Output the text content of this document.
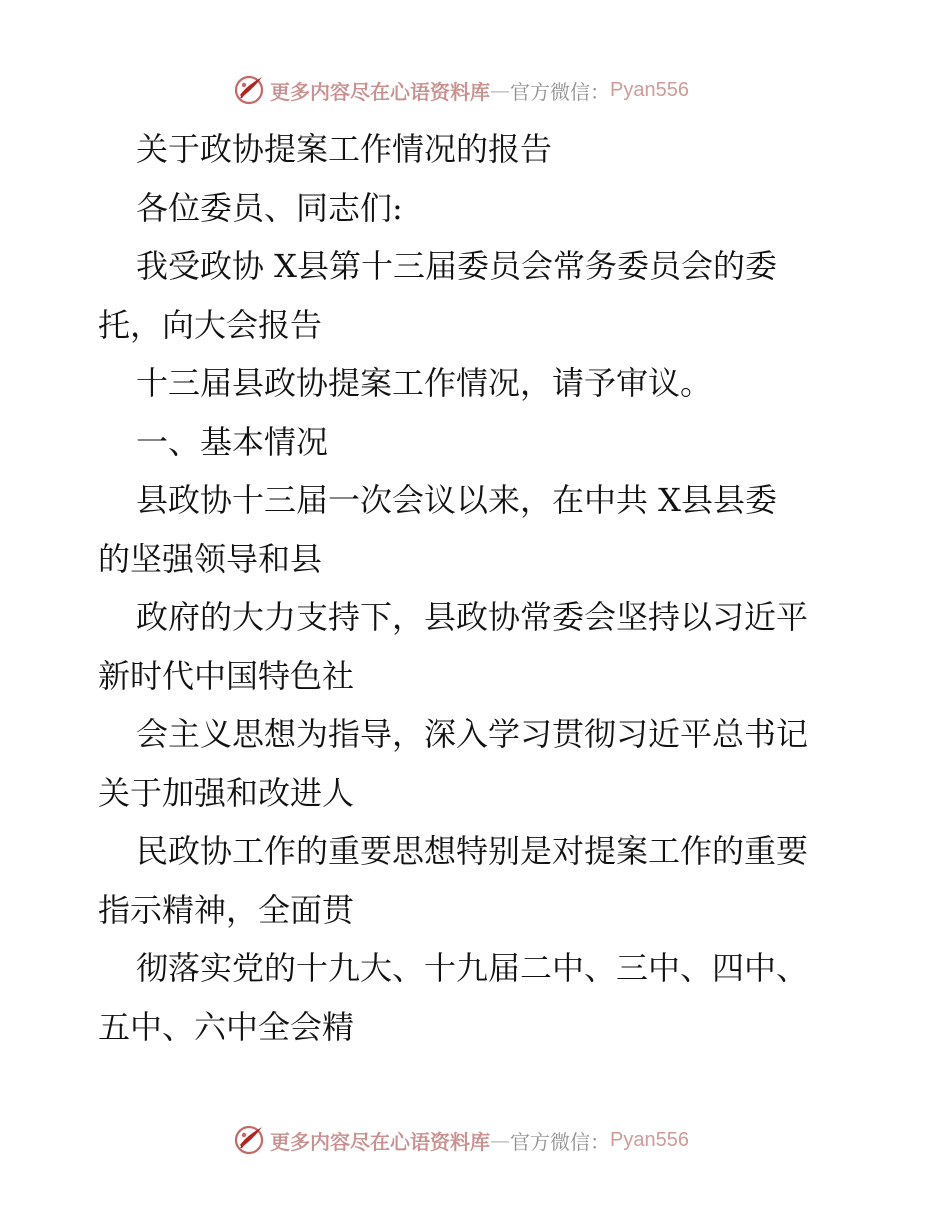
更多内容尽在心语资料库 — 官方微信： Pyan556
关于政协提案工作情况的报告
各位委员、同志们:
我受政协 X县第十三届委员会常务委员会的委
托，向大会报告
十三届县政协提案工作情况，请予审议。
一、基本情况
县政协十三届一次会议以来，在中共 X县县委
的坚强领导和县
政府的大力支持下，县政协常委会坚持以习近平
新时代中国特色社
会主义思想为指导，深入学习贯彻习近平总书记
关于加强和改进人
民政协工作的重要思想特别是对提案工作的重要
指示精神，全面贯
彻落实党的十九大、十九届二中、三中、四中、
五中、六中全会精
更多内容尽在心语资料库 — 官方微信： Pyan556
